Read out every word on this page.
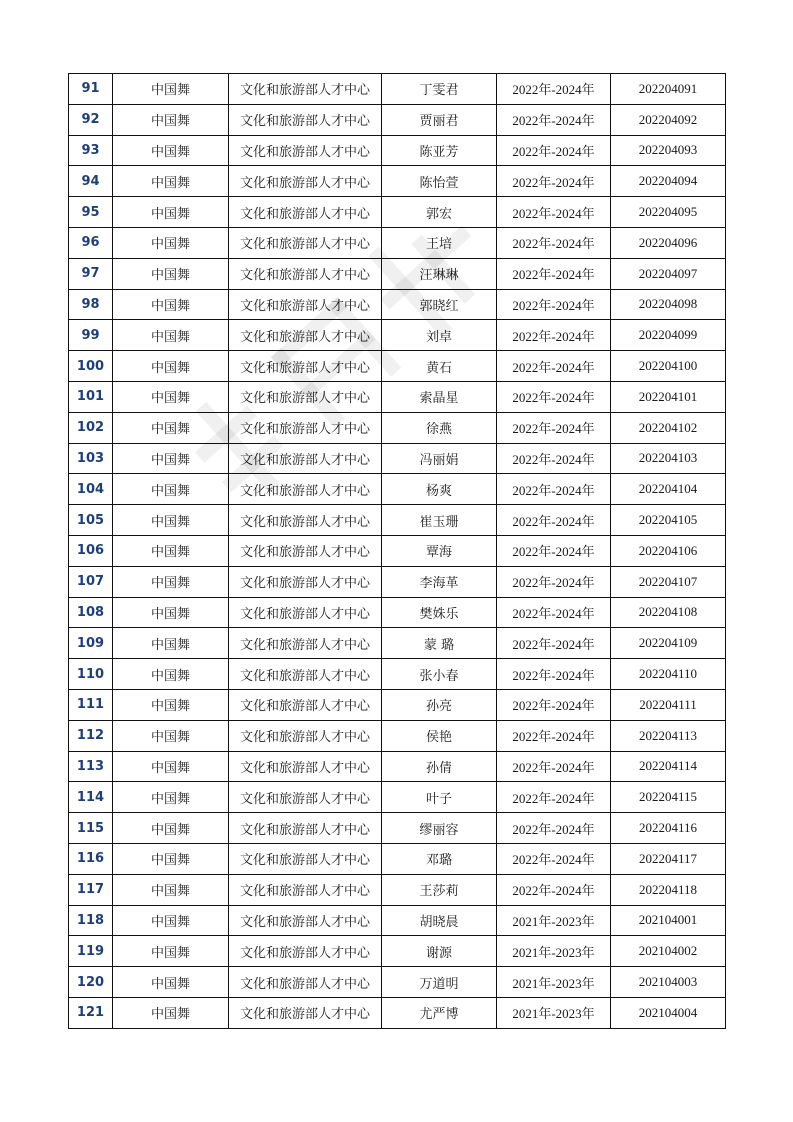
91	中国舞	文化和旅游部人才中心	丁雯君	2022年-2024年	202204091
92	中国舞	文化和旅游部人才中心	贾丽君	2022年-2024年	202204092
93	中国舞	文化和旅游部人才中心	陈亚芳	2022年-2024年	202204093
94	中国舞	文化和旅游部人才中心	陈怡萱	2022年-2024年	202204094
95	中国舞	文化和旅游部人才中心	郭宏	2022年-2024年	202204095
96	中国舞	文化和旅游部人才中心	王培	2022年-2024年	202204096
97	中国舞	文化和旅游部人才中心	汪琳琳	2022年-2024年	202204097
98	中国舞	文化和旅游部人才中心	郭晓红	2022年-2024年	202204098
99	中国舞	文化和旅游部人才中心	刘卓	2022年-2024年	202204099
100	中国舞	文化和旅游部人才中心	黄石	2022年-2024年	202204100
101	中国舞	文化和旅游部人才中心	索晶星	2022年-2024年	202204101
102	中国舞	文化和旅游部人才中心	徐燕	2022年-2024年	202204102
103	中国舞	文化和旅游部人才中心	冯丽娟	2022年-2024年	202204103
104	中国舞	文化和旅游部人才中心	杨爽	2022年-2024年	202204104
105	中国舞	文化和旅游部人才中心	崔玉珊	2022年-2024年	202204105
106	中国舞	文化和旅游部人才中心	覃海	2022年-2024年	202204106
107	中国舞	文化和旅游部人才中心	李海革	2022年-2024年	202204107
108	中国舞	文化和旅游部人才中心	樊姝乐	2022年-2024年	202204108
109	中国舞	文化和旅游部人才中心	蒙 璐	2022年-2024年	202204109
110	中国舞	文化和旅游部人才中心	张小春	2022年-2024年	202204110
111	中国舞	文化和旅游部人才中心	孙亮	2022年-2024年	202204111
112	中国舞	文化和旅游部人才中心	侯艳	2022年-2024年	202204113
113	中国舞	文化和旅游部人才中心	孙倩	2022年-2024年	202204114
114	中国舞	文化和旅游部人才中心	叶子	2022年-2024年	202204115
115	中国舞	文化和旅游部人才中心	缪丽容	2022年-2024年	202204116
116	中国舞	文化和旅游部人才中心	邓璐	2022年-2024年	202204117
117	中国舞	文化和旅游部人才中心	王莎莉	2022年-2024年	202204118
118	中国舞	文化和旅游部人才中心	胡晓晨	2021年-2023年	202104001
119	中国舞	文化和旅游部人才中心	谢源	2021年-2023年	202104002
120	中国舞	文化和旅游部人才中心	万道明	2021年-2023年	202104003
121	中国舞	文化和旅游部人才中心	尤严博	2021年-2023年	202104004
